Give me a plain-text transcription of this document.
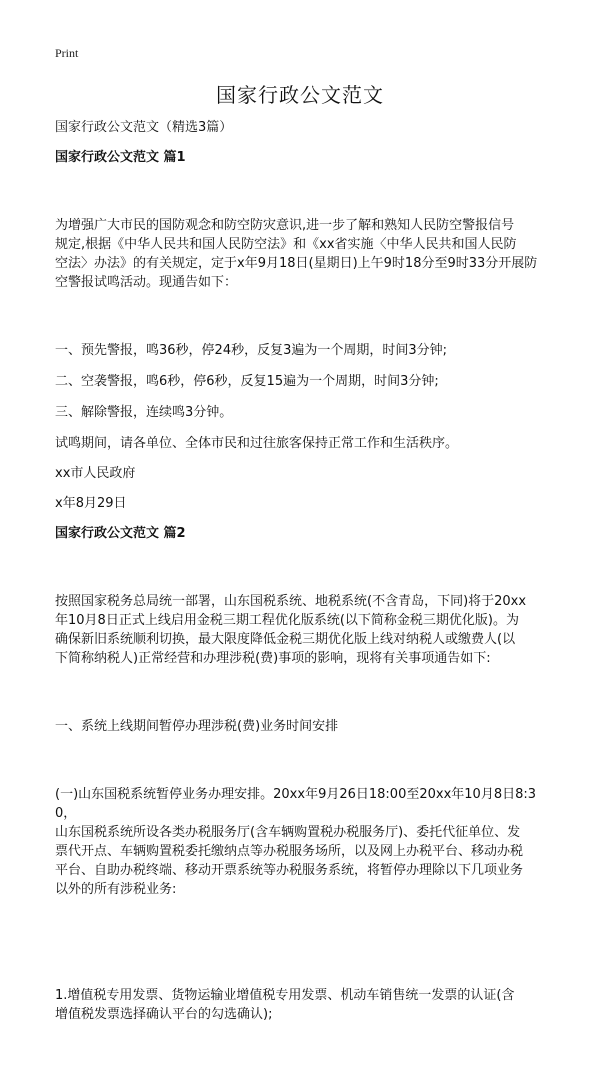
Print
国家行政公文范文

国家行政公文范文（精选3篇）

国家行政公文范文 篇1

为增强广大市民的国防观念和防空防灾意识,进一步了解和熟知人民防空警报信号
规定,根据《中华人民共和国人民防空法》和《xx省实施〈中华人民共和国人民防
空法〉办法》的有关规定，定于x年9月18日(星期日)上午9时18分至9时33分开展防
空警报试鸣活动。现通告如下：

一、预先警报，鸣36秒，停24秒，反复3遍为一个周期，时间3分钟;

二、空袭警报，鸣6秒，停6秒，反复15遍为一个周期，时间3分钟;

三、解除警报，连续鸣3分钟。

试鸣期间，请各单位、全体市民和过往旅客保持正常工作和生活秩序。

xx市人民政府

x年8月29日

国家行政公文范文 篇2

按照国家税务总局统一部署，山东国税系统、地税系统(不含青岛，下同)将于20xx
年10月8日正式上线启用金税三期工程优化版系统(以下简称金税三期优化版)。为
确保新旧系统顺利切换，最大限度降低金税三期优化版上线对纳税人或缴费人(以
下简称纳税人)正常经营和办理涉税(费)事项的影响，现将有关事项通告如下:

一、系统上线期间暂停办理涉税(费)业务时间安排

(一)山东国税系统暂停业务办理安排。20xx年9月26日18:00至20xx年10月8日8:30，
山东国税系统所设各类办税服务厅(含车辆购置税办税服务厅)、委托代征单位、发
票代开点、车辆购置税委托缴纳点等办税服务场所，以及网上办税平台、移动办税
平台、自助办税终端、移动开票系统等办税服务系统，将暂停办理除以下几项业务
以外的所有涉税业务:

1.增值税专用发票、货物运输业增值税专用发票、机动车销售统一发票的认证(含
增值税发票选择确认平台的勾选确认);
